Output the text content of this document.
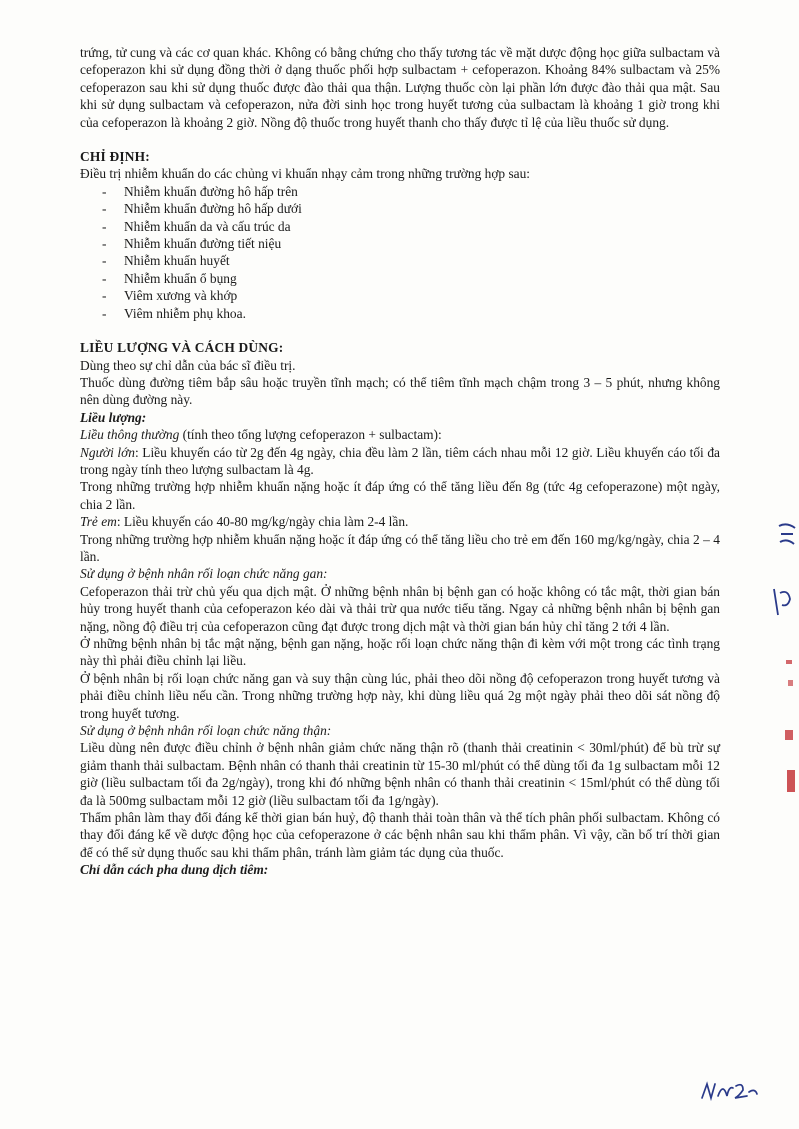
trứng, tử cung và các cơ quan khác. Không có bằng chứng cho thấy tương tác về mặt dược động học giữa sulbactam và cefoperazon khi sử dụng đồng thời ở dạng thuốc phối hợp sulbactam + cefoperazon. Khoảng 84% sulbactam và 25% cefoperazon sau khi sử dụng thuốc được đào thải qua thận. Lượng thuốc còn lại phần lớn được đào thải qua mật. Sau khi sử dụng sulbactam và cefoperazon, nửa đời sinh học trong huyết tương của sulbactam là khoảng 1 giờ trong khi của cefoperazon là khoảng 2 giờ. Nồng độ thuốc trong huyết thanh cho thấy được tỉ lệ của liều thuốc sử dụng.

CHỈ ĐỊNH:

Điều trị nhiễm khuẩn do các chủng vi khuẩn nhạy cảm trong những trường hợp sau:

- Nhiễm khuẩn đường hô hấp trên
- Nhiễm khuẩn đường hô hấp dưới
- Nhiễm khuẩn da và cấu trúc da
- Nhiễm khuẩn đường tiết niệu
- Nhiễm khuẩn huyết
- Nhiễm khuẩn ổ bụng
- Viêm xương và khớp
- Viêm nhiễm phụ khoa.

LIỀU LƯỢNG VÀ CÁCH DÙNG:

Dùng theo sự chỉ dẫn của bác sĩ điều trị.

Thuốc dùng đường tiêm bắp sâu hoặc truyền tĩnh mạch; có thể tiêm tĩnh mạch chậm trong 3 – 5 phút, nhưng không nên dùng đường này.

Liều lượng:

Liều thông thường (tính theo tổng lượng cefoperazon + sulbactam):

Người lớn: Liều khuyến cáo từ 2g đến 4g ngày, chia đều làm 2 lần, tiêm cách nhau mỗi 12 giờ. Liều khuyến cáo tối đa trong ngày tính theo lượng sulbactam là 4g.

Trong những trường hợp nhiễm khuẩn nặng hoặc ít đáp ứng có thể tăng liều đến 8g (tức 4g cefoperazone) một ngày, chia 2 lần.

Trẻ em: Liều khuyến cáo 40-80 mg/kg/ngày chia làm 2-4 lần.

Trong những trường hợp nhiễm khuẩn nặng hoặc ít đáp ứng có thể tăng liều cho trẻ em đến 160 mg/kg/ngày, chia 2 – 4 lần.

Sử dụng ở bệnh nhân rối loạn chức năng gan:

Cefoperazon thải trừ chủ yếu qua dịch mật. Ở những bệnh nhân bị bệnh gan có hoặc không có tắc mật, thời gian bán hủy trong huyết thanh của cefoperazon kéo dài và thải trừ qua nước tiểu tăng. Ngay cả những bệnh nhân bị bệnh gan nặng, nồng độ điều trị của cefoperazon cũng đạt được trong dịch mật và thời gian bán hủy chỉ tăng 2 tới 4 lần.

Ở những bệnh nhân bị tắc mật nặng, bệnh gan nặng, hoặc rối loạn chức năng thận đi kèm với một trong các tình trạng này thì phải điều chỉnh lại liều.

Ở bệnh nhân bị rối loạn chức năng gan và suy thận cùng lúc, phải theo dõi nồng độ cefoperazon trong huyết tương và phải điều chỉnh liều nếu cần. Trong những trường hợp này, khi dùng liều quá 2g một ngày phải theo dõi sát nồng độ trong huyết tương.

Sử dụng ở bệnh nhân rối loạn chức năng thận:

Liều dùng nên được điều chỉnh ở bệnh nhân giảm chức năng thận rõ (thanh thải creatinin < 30ml/phút) để bù trừ sự giảm thanh thải sulbactam. Bệnh nhân có thanh thải creatinin từ 15-30 ml/phút có thể dùng tối đa 1g sulbactam mỗi 12 giờ (liều sulbactam tối đa 2g/ngày), trong khi đó những bệnh nhân có thanh thải creatinin < 15ml/phút có thể dùng tối đa là 500mg sulbactam mỗi 12 giờ (liều sulbactam tối đa 1g/ngày).

Thẩm phân làm thay đổi đáng kể thời gian bán huỷ, độ thanh thải toàn thân và thể tích phân phối sulbactam. Không có thay đổi đáng kể về dược động học của cefoperazone ở các bệnh nhân sau khi thẩm phân. Vì vậy, cần bố trí thời gian để có thể sử dụng thuốc sau khi thẩm phân, tránh làm giảm tác dụng của thuốc.

Chỉ dẫn cách pha dung dịch tiêm:
